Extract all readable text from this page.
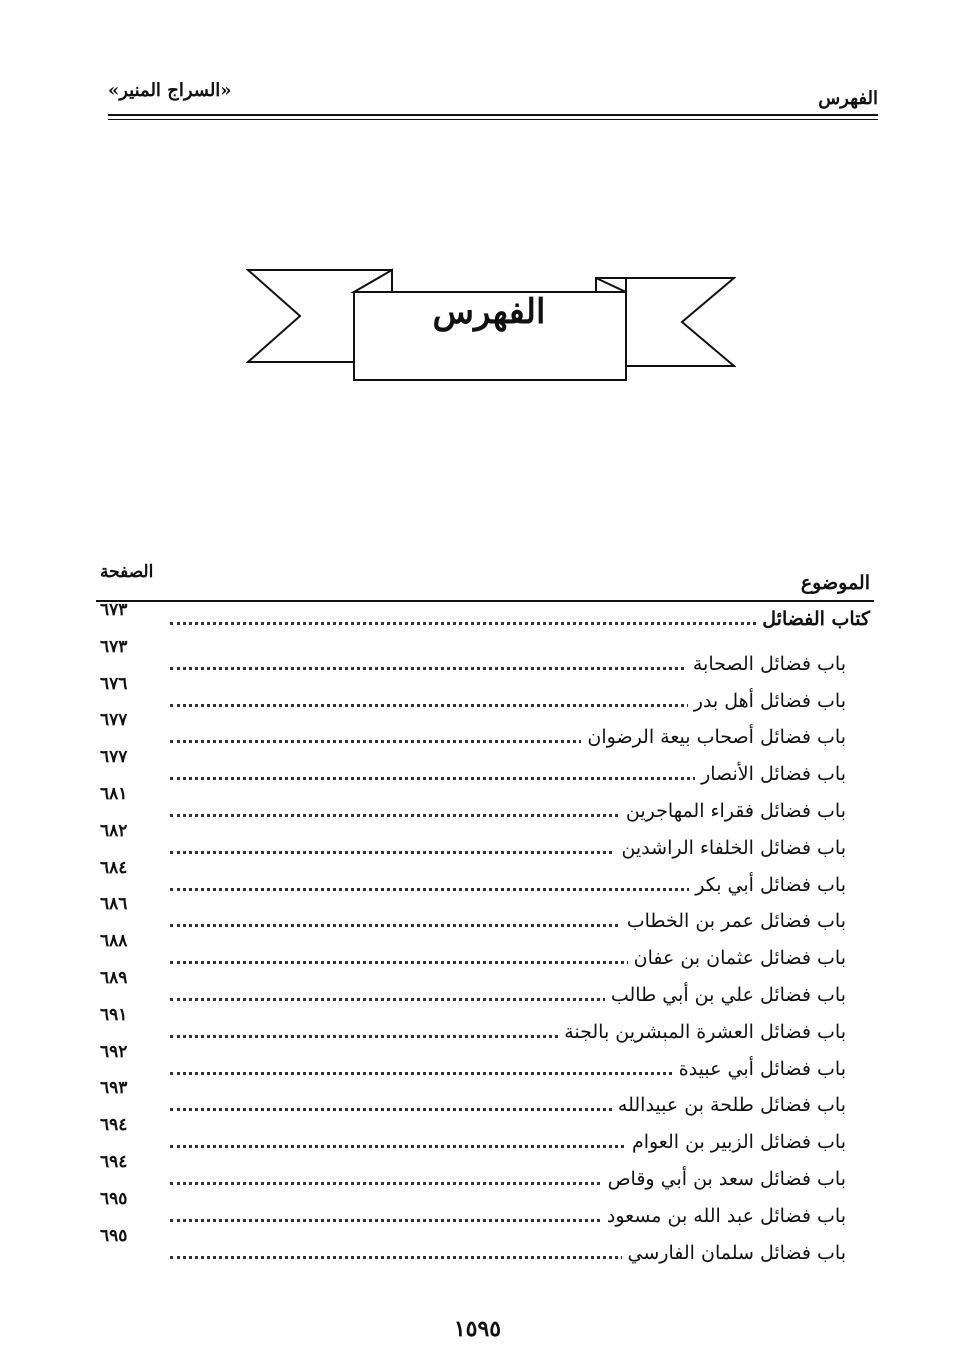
الفهرس
«السراج المنير»
الفهرس
الموضوع
الصفحة
كتاب الفضائل
٦٧٣
باب فضائل الصحابة
٦٧٣
باب فضائل أهل بدر
٦٧٦
باب فضائل أصحاب بيعة الرضوان
٦٧٧
باب فضائل الأنصار
٦٧٧
باب فضائل فقراء المهاجرين
٦٨١
باب فضائل الخلفاء الراشدين
٦٨٢
باب فضائل أبي بكر
٦٨٤
باب فضائل عمر بن الخطاب
٦٨٦
باب فضائل عثمان بن عفان
٦٨٨
باب فضائل علي بن أبي طالب
٦٨٩
باب فضائل العشرة المبشرين بالجنة
٦٩١
باب فضائل أبي عبيدة
٦٩٢
باب فضائل طلحة بن عبيدالله
٦٩٣
باب فضائل الزبير بن العوام
٦٩٤
باب فضائل سعد بن أبي وقاص
٦٩٤
باب فضائل عبد الله بن مسعود
٦٩٥
باب فضائل سلمان الفارسي
٦٩٥
١٥٩٥
